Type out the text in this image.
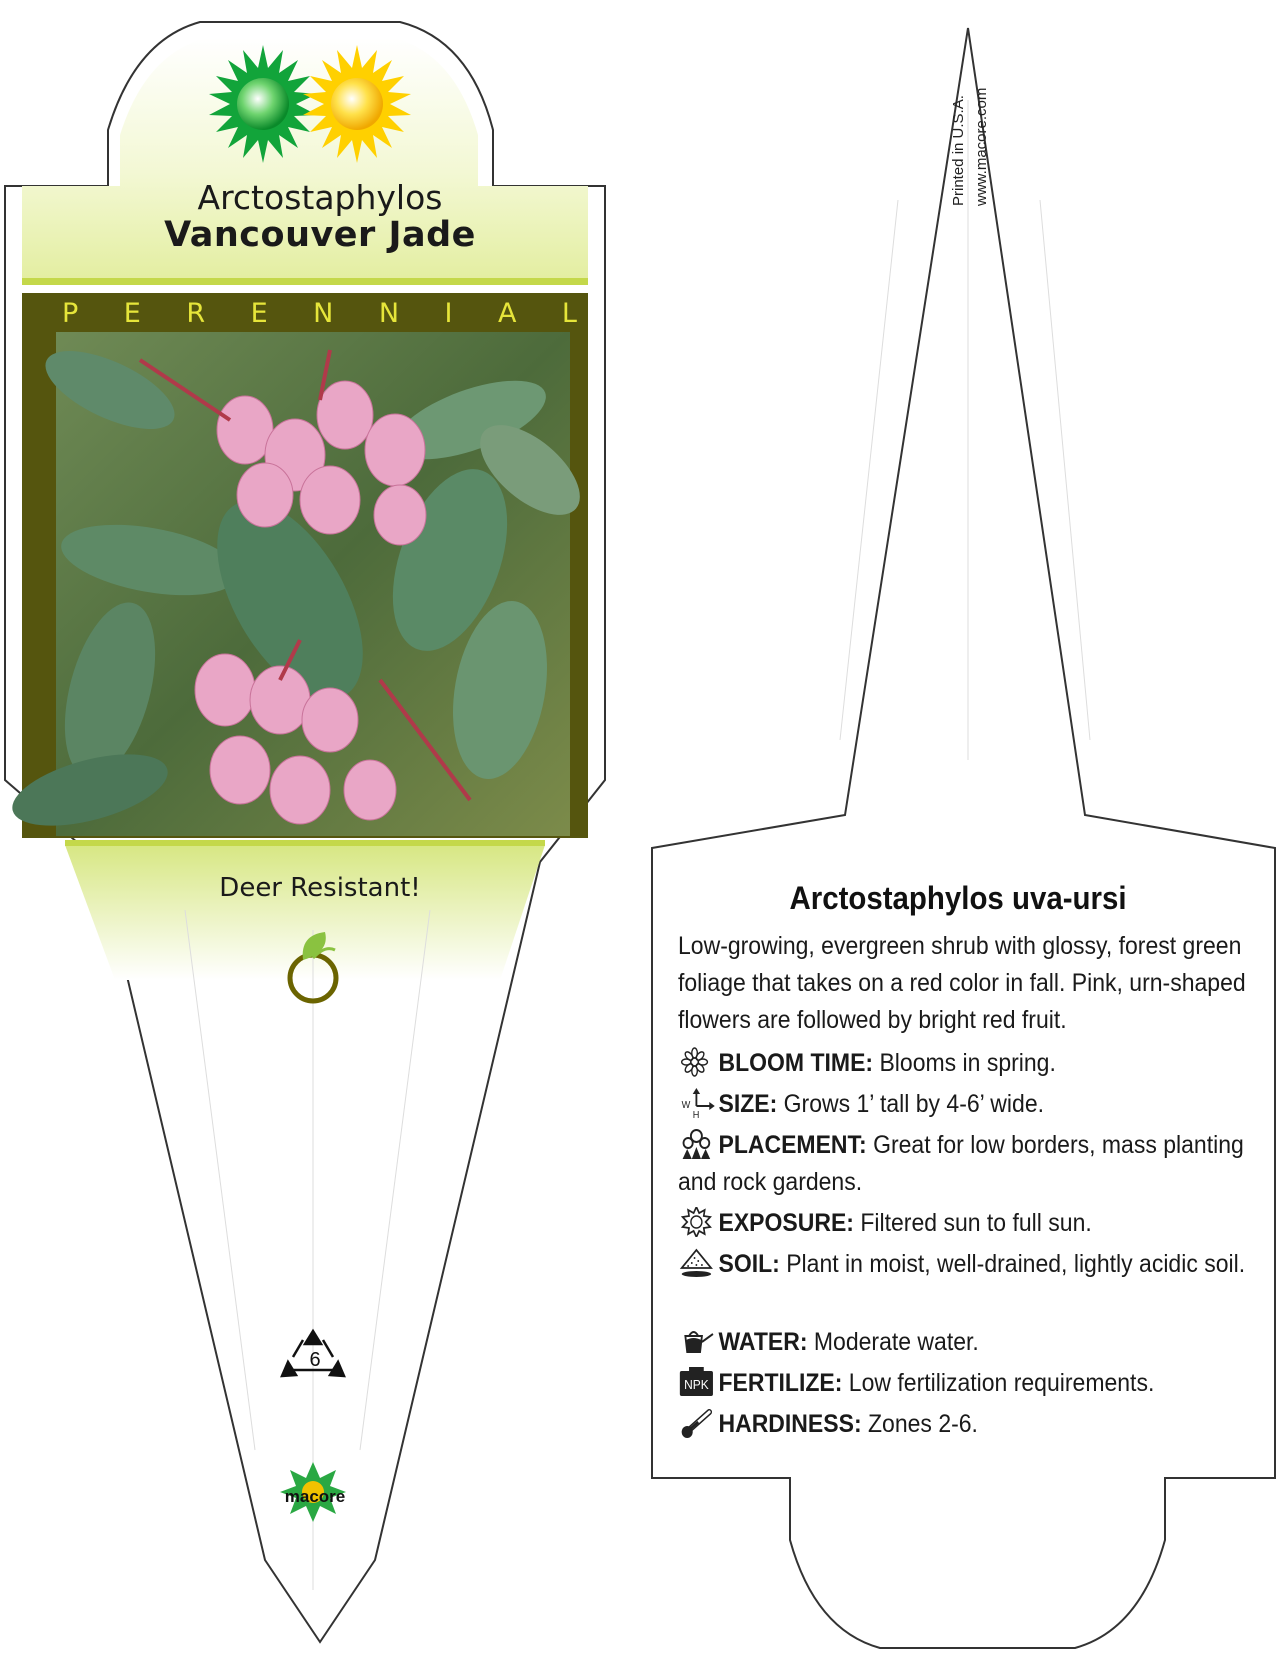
Arctostaphylos
Vancouver Jade
P E R E N N I A L
Deer Resistant!
6
macore
Printed in U.S.A. www.macore.com
Arctostaphylos uva-ursi
Low-growing, evergreen shrub with glossy, forest green foliage that takes on a red color in fall. Pink, urn-shaped flowers are followed by bright red fruit.
BLOOM TIME: Blooms in spring.
W
H SIZE: Grows 1’ tall by 4-6’ wide.
PLACEMENT: Great for low borders, mass planting and rock gardens.
EXPOSURE: Filtered sun to full sun.
SOIL: Plant in moist, well-drained, lightly acidic soil.
WATER: Moderate water.
NPK FERTILIZE: Low fertilization requirements.
HARDINESS: Zones 2-6.
